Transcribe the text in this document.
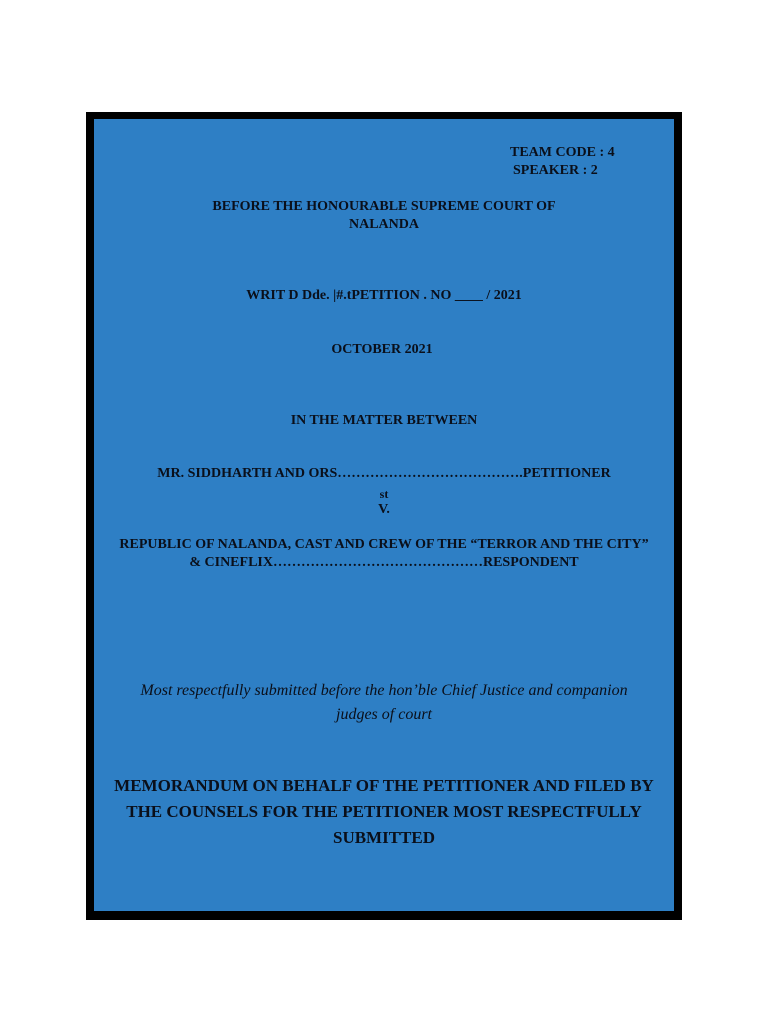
TEAM CODE : 4
SPEAKER : 2
BEFORE THE HONOURABLE SUPREME COURT OF
NALANDA
WRIT D Dde. |#.tPETITION . NO ____ / 2021
OCTOBER 2021
IN THE MATTER BETWEEN
MR. SIDDHARTH AND ORS………………………………….PETITIONER
st
V.
REPUBLIC OF NALANDA, CAST AND CREW OF THE “TERROR AND THE CITY”
& CINEFLIX………………………………………RESPONDENT
Most respectfully submitted before the hon’ble Chief Justice and companion
judges of court
MEMORANDUM ON BEHALF OF THE PETITIONER AND FILED BY
THE COUNSELS FOR THE PETITIONER MOST RESPECTFULLY
SUBMITTED
